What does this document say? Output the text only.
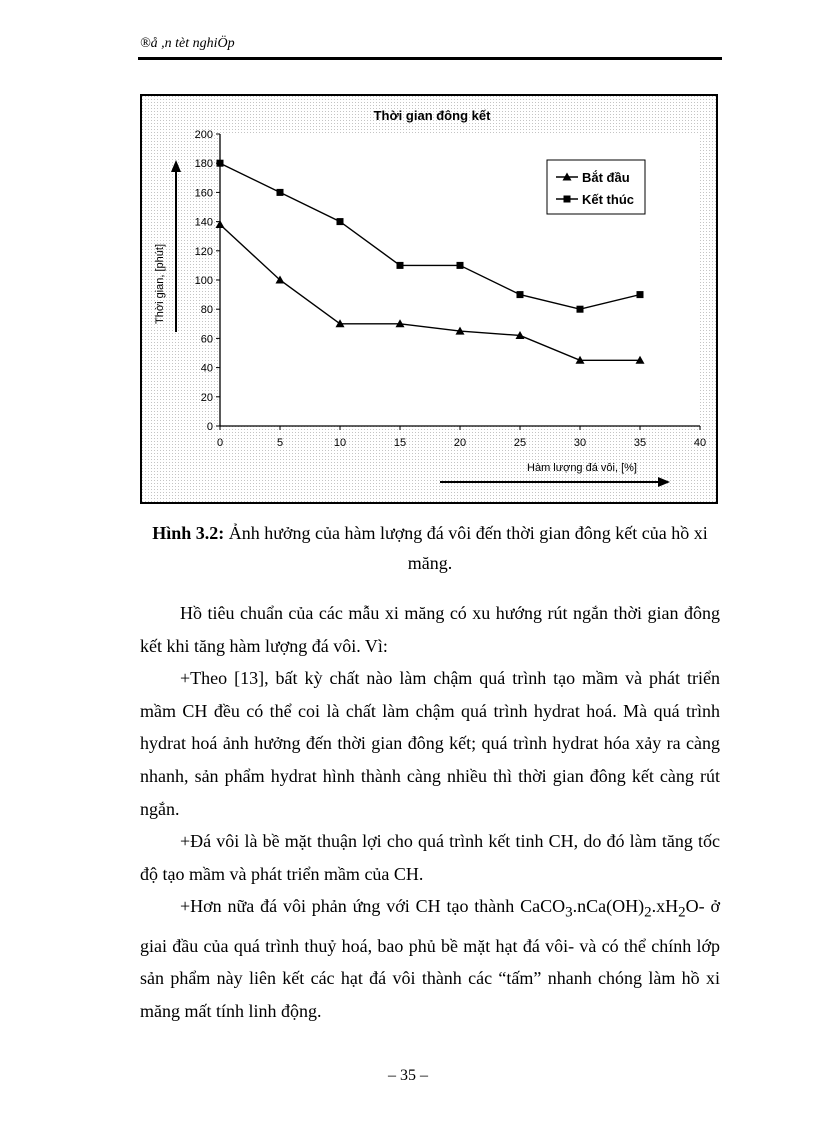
®å ,n tèt nghiÖp
Thời gian đông kết
0
20
40
60
80
100
120
140
160
180
200
0	5	10	15	20	25	30	35	40
Bắt đầu
Kết thúc
Thời gian, [phút]
Hàm lượng đá vôi, [%]
Hình 3.2: Ảnh hưởng của hàm lượng đá vôi đến thời gian đông kết của hồ xi măng.

Hồ tiêu chuẩn của các mẫu xi măng có xu hướng rút ngắn thời gian đông kết khi tăng hàm lượng đá vôi. Vì:

+Theo [13], bất kỳ chất nào làm chậm quá trình tạo mầm và phát triển mầm CH đều có thể coi là chất làm chậm quá trình hydrat hoá. Mà quá trình hydrat hoá ảnh hưởng đến thời gian đông kết; quá trình hydrat hóa xảy ra càng nhanh, sản phẩm hydrat hình thành càng nhiều thì thời gian đông kết càng rút ngắn.

+Đá vôi là bề mặt thuận lợi cho quá trình kết tinh CH, do đó làm tăng tốc độ tạo mầm và phát triển mầm của CH.

+Hơn nữa đá vôi phản ứng với CH tạo thành $CaCO_3.nCa(OH)_2.xH_2O-$ ở giai đầu của quá trình thuỷ hoá, bao phủ bề mặt hạt đá vôi- và có thể chính lớp sản phẩm này liên kết các hạt đá vôi thành các “tấm” nhanh chóng làm hồ xi măng mất tính linh động.

– 35 –
